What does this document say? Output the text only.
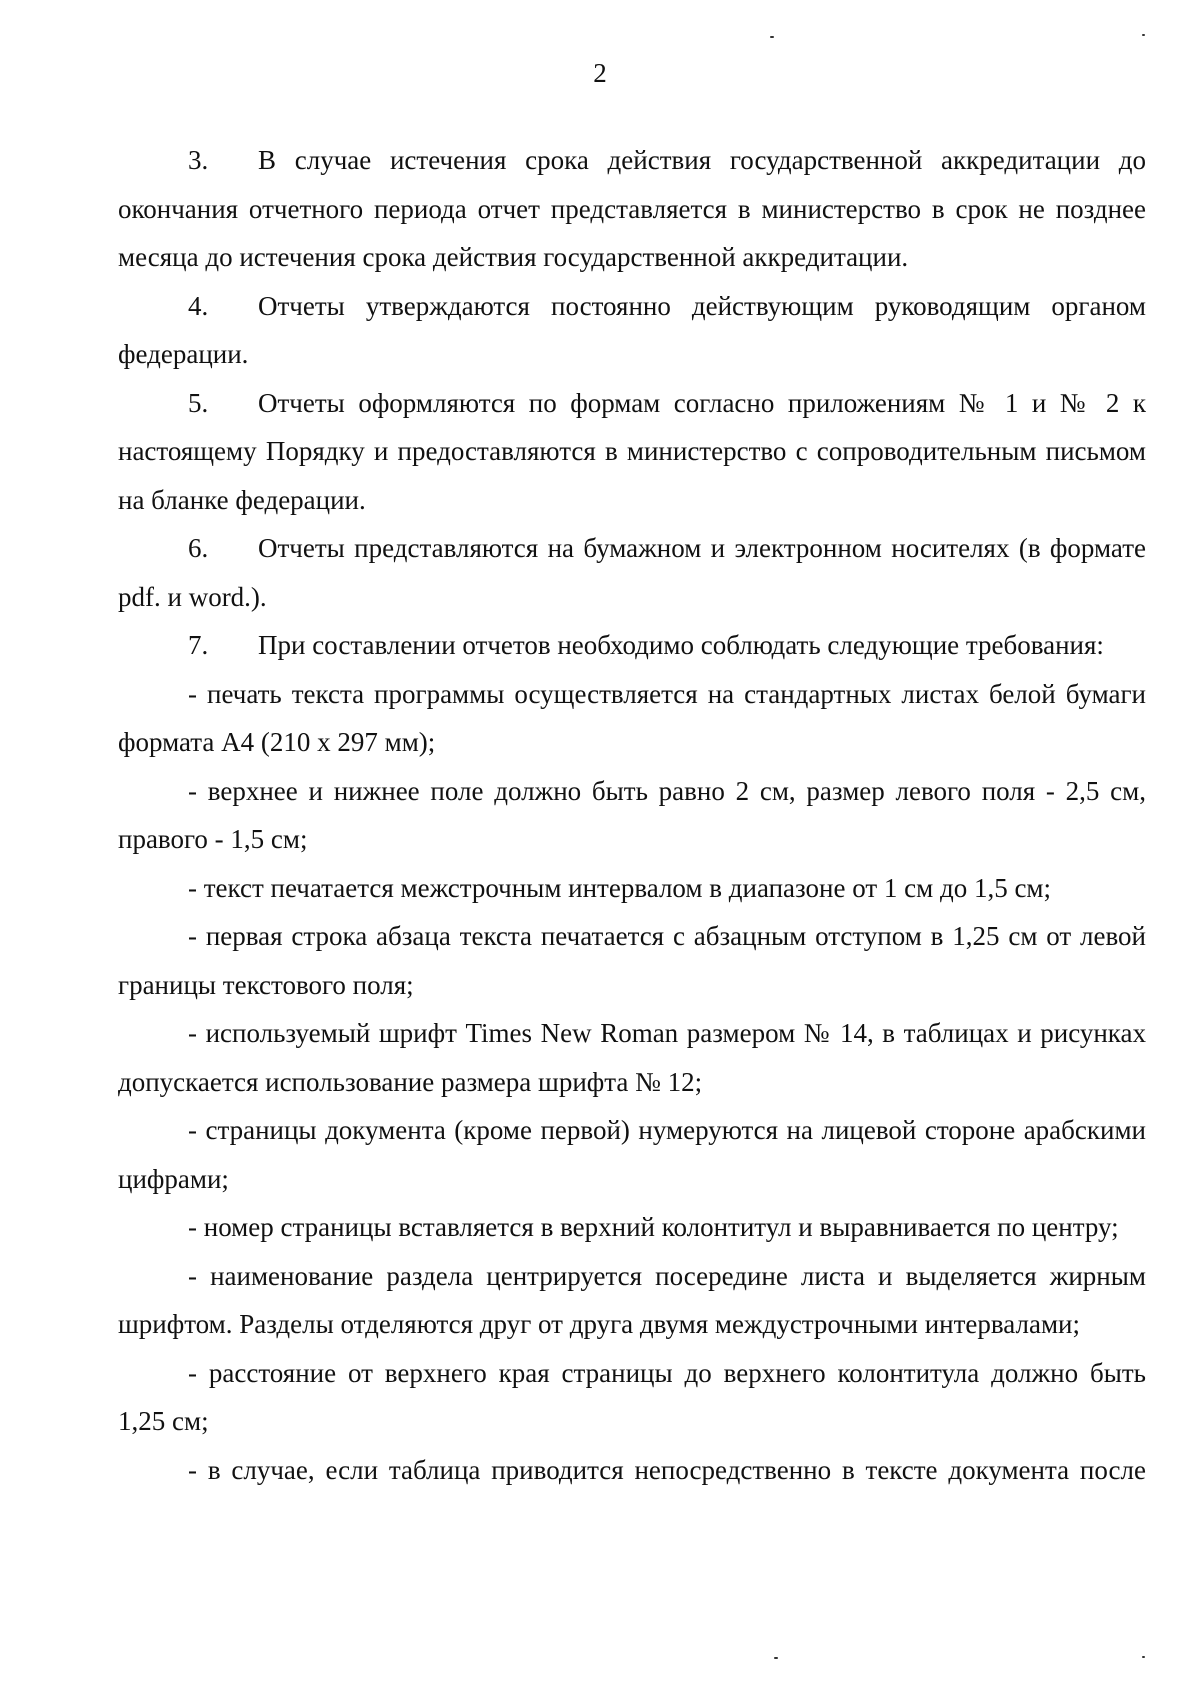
2

3. В случае истечения срока действия государственной аккредитации до окончания отчетного периода отчет представляется в министерство в срок не позднее месяца до истечения срока действия государственной аккредитации.

4. Отчеты утверждаются постоянно действующим руководящим органом федерации.

5. Отчеты оформляются по формам согласно приложениям № 1 и № 2 к настоящему Порядку и предоставляются в министерство с сопроводительным письмом на бланке федерации.

6. Отчеты представляются на бумажном и электронном носителях (в формате pdf. и word.).

7. При составлении отчетов необходимо соблюдать следующие требования:

- печать текста программы осуществляется на стандартных листах белой бумаги формата А4 (210 х 297 мм);

- верхнее и нижнее поле должно быть равно 2 см, размер левого поля - 2,5 см, правого - 1,5 см;

- текст печатается межстрочным интервалом в диапазоне от 1 см до 1,5 см;

- первая строка абзаца текста печатается с абзацным отступом в 1,25 см от левой границы текстового поля;

- используемый шрифт Times New Roman размером № 14, в таблицах и рисунках допускается использование размера шрифта № 12;

- страницы документа (кроме первой) нумеруются на лицевой стороне арабскими цифрами;

- номер страницы вставляется в верхний колонтитул и выравнивается по центру;

- наименование раздела центрируется посередине листа и выделяется жирным шрифтом. Разделы отделяются друг от друга двумя междустрочными интервалами;

- расстояние от верхнего края страницы до верхнего колонтитула должно быть 1,25 см;

- в случае, если таблица приводится непосредственно в тексте документа после
